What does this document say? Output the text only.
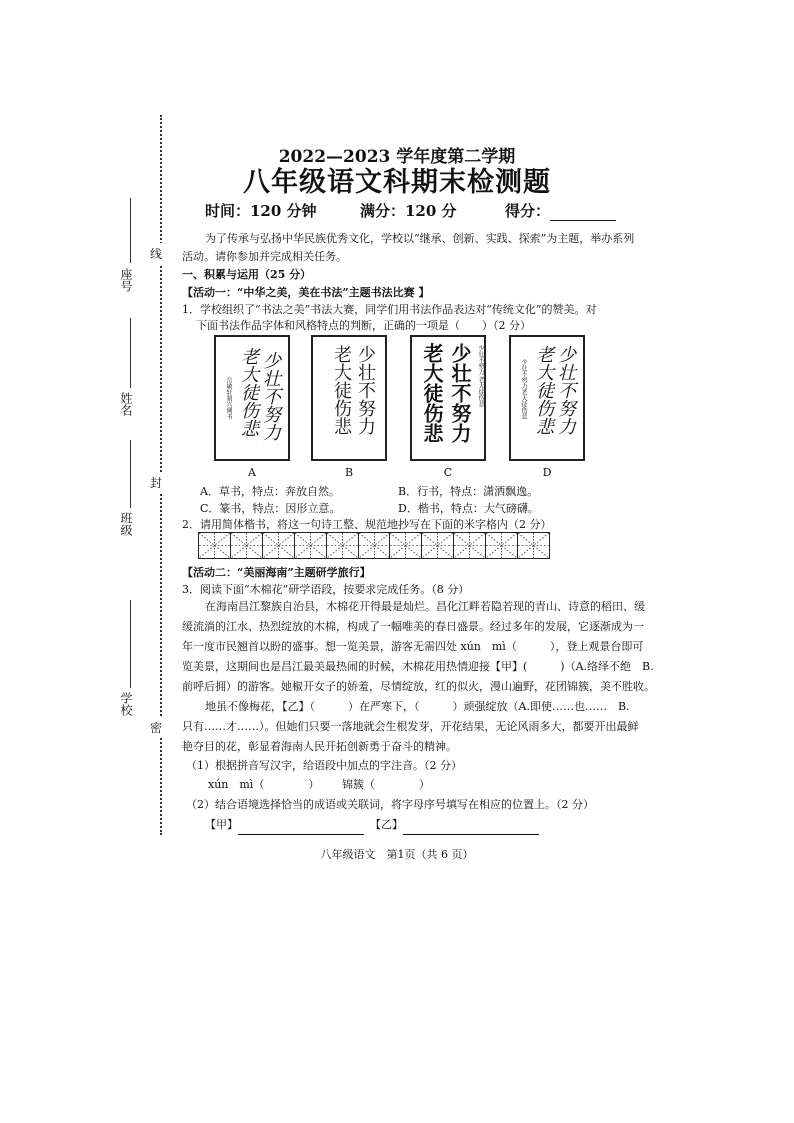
线
封
密
座号
姓名
班级
学校
2022—2023 学年度第二学期
八年级语文科期末检测题
时间：120 分钟	满分：120 分	得分：
为了传承与弘扬中华民族优秀文化，学校以“继承、创新、实践、探索”为主题，举办系列
活动。请你参加并完成相关任务。
一、积累与运用（25 分）
【活动一：“中华之美，美在书法”主题书法比赛 】
1．学校组织了“书法之美”书法大赛，同学们用书法作品表达对“传统文化”的赞美。对
下面书法作品字体和风格特点的判断，正确的一项是（　　）（2 分）
少壮不努力
老大徒伤悲
岳敏轩制兴阔书	少壮不努力
老大徒伤悲	少壮不努力
老大徒伤悲	少壮不努力 老大徒伤悲	少壮不努力
老大徒伤悲
少壮不努力老大徒伤悲
A	B	C	D
A．草书，特点：奔放自然。	B．行书，特点：潇洒飘逸。
C．篆书，特点：因形立意。	D．楷书，特点：大气磅礴。
2．请用简体楷书，将这一句诗工整、规范地抄写在下面的米字格内（2 分）
【活动二：“美丽海南”主题研学旅行】
3．阅读下面“木棉花”研学语段，按要求完成任务。（8 分）
在海南昌江黎族自治县，木棉花开得最是灿烂。昌化江畔若隐若现的青山、诗意的稻田、缓
缓流淌的江水、热烈绽放的木棉，构成了一幅唯美的春日盛景。经过多年的发展，它逐渐成为一
年一度市民翘首以盼的盛事。想一览美景，游客无需四处 xún　mì（　　　），登上观景台即可
览美景，这期间也是昌江最美最热闹的时候，木棉花用热情迎接【甲】(　　　)（A.络绎不绝　B.
前呼后拥）的游客。她椒开女子的娇羞，尽情绽放，红的似火，漫山遍野，花团锦簇，美不胜收。
地虽不像梅花，【乙】（　　　）在严寒下，（　　　）顽强绽放（A.即使……也……　B.
只有……才……）。但她们只要一落地就会生根发芽，开花结果，无论风雨多大，都要开出最鲜
艳夺目的花，彰显着海南人民开拓创新勇于奋斗的精神。
（1）根据拼音写汉字，给语段中加点的字注音。（2 分）
xún　mì（　　　　） 锦簇（　　　　）
（2）结合语境选择恰当的成语或关联词，将字母序号填写在相应的位置上。（2 分）
【甲】	【乙】
八年级语文　第1页（共 6 页）
